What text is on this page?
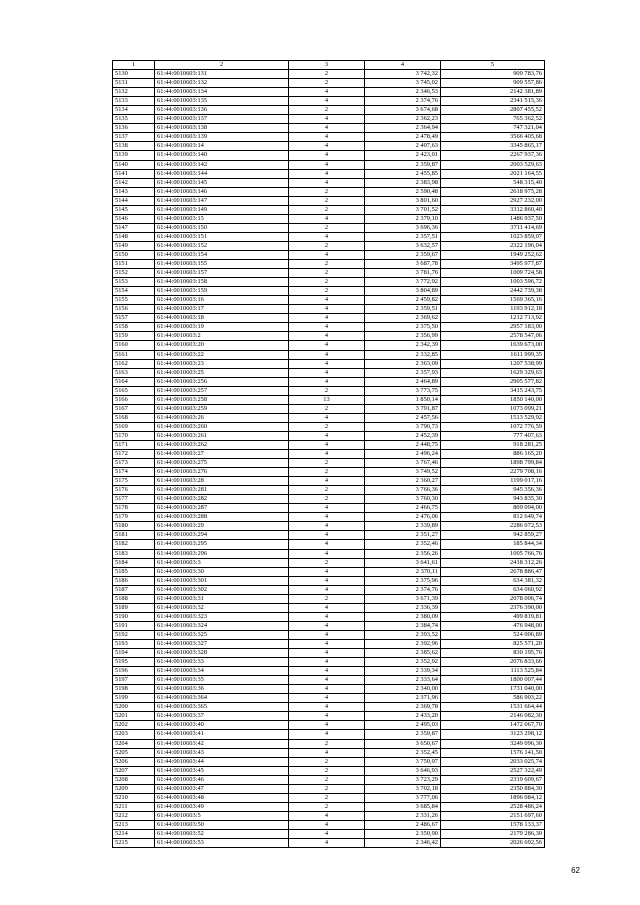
1	2	3	4	5
5130	61:44:0010603:131	2	3 742,32	909 783,76
5131	61:44:0010603:132	2	3 745,02	909 557,86
5132	61:44:0010603:134	4	2 346,53	2142 381,89
5133	61:44:0010603:135	4	2 374,76	2341 515,36
5134	61:44:0010603:136	2	3 674,68	2807 455,52
5135	61:44:0010603:137	4	2 362,23	765 362,52
5136	61:44:0010603:138	4	2 364,94	747 321,04
5137	61:44:0010603:139	4	2 478,49	3566 405,68
5138	61:44:0010603:14	4	2 407,63	3345 865,17
5139	61:44:0010603:140	4	2 423,01	2267 937,36
5140	61:44:0010603:142	4	2 359,87	2003 529,63
5141	61:44:0010603:144	4	2 455,85	2021 164,55
5142	61:44:0010603:145	4	2 383,98	548 315,40
5143	61:44:0010603:146	2	2 590,48	2618 975,28
5144	61:44:0010603:147	2	3 801,60	2927 232,00
5145	61:44:0010603:149	2	3 701,52	3312 860,40
5146	61:44:0010603:15	4	2 379,10	1486 937,50
5147	61:44:0010603:150	2	3 696,36	3711 414,69
5148	61:44:0010603:151	4	2 357,51	1023 859,07
5149	61:44:0010603:152	2	3 632,57	2322 196,04
5150	61:44:0010603:154	4	2 359,67	1949 252,62
5151	61:44:0010603:155	2	3 687,78	3495 977,87
5152	61:44:0010603:157	2	3 781,76	1009 724,58
5153	61:44:0010603:158	2	3 772,92	1003 596,72
5154	61:44:0010603:159	2	3 804,89	2442 739,38
5155	61:44:0010603:16	4	2 459,82	1569 365,16
5156	61:44:0010603:17	4	2 359,51	1193 912,18
5157	61:44:0010603:18	4	2 369,62	1212 713,92
5158	61:44:0010603:19	4	2 375,50	2957 183,00
5159	61:44:0010603:2	4	2 356,99	2578 547,06
5160	61:44:0010603:20	4	2 342,39	1639 673,00
5161	61:44:0010603:22	4	2 332,85	1611 999,35
5162	61:44:0010603:23	4	2 363,09	1207 538,99
5163	61:44:0010603:25	4	2 357,93	1629 329,63
5164	61:44:0010603:256	4	2 464,89	2905 577,82
5165	61:44:0010603:257	2	3 773,75	3415 243,75
5166	61:44:0010603:258	13	1 850,14	1850 140,00
5167	61:44:0010603:259	2	3 791,87	1073 099,21
5168	61:44:0010603:26	4	2 457,56	1513 529,92
5169	61:44:0010603:260	2	3 790,73	1072 776,59
5170	61:44:0010603:261	4	2 452,39	777 407,63
5171	61:44:0010603:262	4	2 448,75	918 281,25
5172	61:44:0010603:27	4	2 496,24	886 165,20
5173	61:44:0010603:275	2	3 767,46	1898 799,84
5174	61:44:0010603:276	2	3 749,52	2279 708,16
5175	61:44:0010603:28	4	2 360,27	1199 017,16
5176	61:44:0010603:281	2	3 766,36	945 356,36
5177	61:44:0010603:282	2	3 760,30	943 835,30
5178	61:44:0010603:287	4	2 466,75	809 094,00
5179	61:44:0010603:288	4	2 476,06	812 649,74
5180	61:44:0010603:29	4	2 339,89	2286 072,53
5181	61:44:0010603:294	4	2 351,27	942 859,27
5182	61:44:0010603:295	4	2 352,46	185 844,34
5183	61:44:0010603:296	4	2 356,26	1005 766,76
5184	61:44:0010603:3	2	3 641,61	2418 312,26
5185	61:44:0010603:30	4	2 370,11	2678 886,47
5186	61:44:0010603:301	4	2 375,96	634 381,32
5187	61:44:0010603:302	4	2 374,76	634 060,92
5188	61:44:0010603:31	2	3 671,39	2078 006,74
5189	61:44:0010603:32	4	2 336,39	2376 390,00
5190	61:44:0010603:323	4	2 380,09	499 819,81
5191	61:44:0010603:324	4	2 384,74	476 948,00
5192	61:44:0010603:325	4	2 393,52	524 006,89
5193	61:44:0010603:327	4	2 392,96	825 571,20
5194	61:44:0010603:328	4	2 385,62	830 195,76
5195	61:44:0010603:33	4	2 352,92	2076 833,66
5196	61:44:0010603:34	4	2 339,34	1113 525,84
5197	61:44:0010603:35	4	2 333,64	1800 007,44
5198	61:44:0010603:36	4	2 340,00	1731 040,00
5199	61:44:0010603:364	4	2 371,96	586 903,22
5200	61:44:0010603:365	4	2 369,78	1531 664,44
5201	61:44:0010603:37	4	2 433,20	2146 082,30
5202	61:44:0010603:40	4	2 495,03	1472 067,70
5203	61:44:0010603:41	4	2 359,87	3123 298,12
5204	61:44:0010603:42	2	3 650,67	3249 096,30
5205	61:44:0010603:43	4	2 352,45	1576 141,50
5206	61:44:0010603:44	2	3 750,97	2033 025,74
5207	61:44:0010603:45	2	3 646,93	2527 322,49
5208	61:44:0010603:46	2	3 723,29	2319 609,67
5209	61:44:0010603:47	2	3 702,18	2350 884,30
5210	61:44:0010603:48	2	3 777,06	1896 084,12
5211	61:44:0010603:49	2	3 685,84	2528 486,24
5212	61:44:0010603:5	4	2 331,26	2151 697,60
5213	61:44:0010603:50	4	2 486,67	1578 133,37
5214	61:44:0010603:52	4	2 350,90	2179 286,30
5215	61:44:0010603:53	4	2 346,42	2026 692,56
62
